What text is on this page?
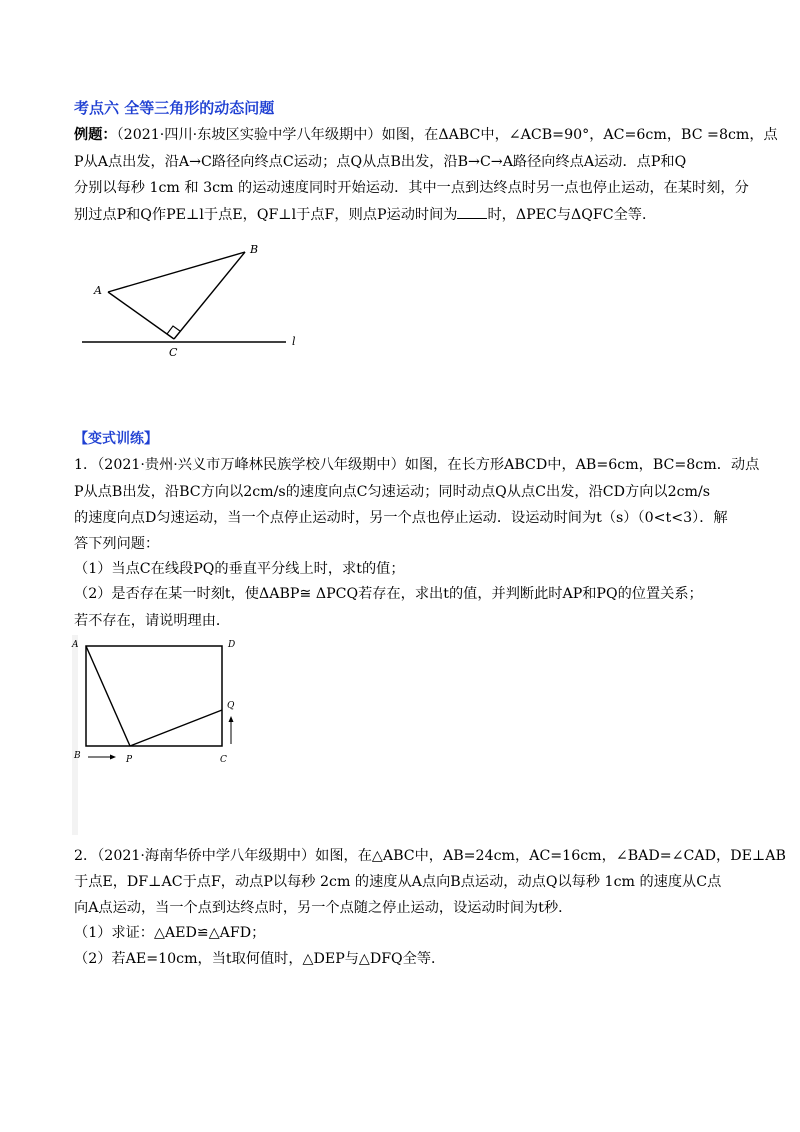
考点六 全等三角形的动态问题
例题：（2021·四川·东坡区实验中学八年级期中）如图，在ΔABC中，∠ACB=90°，AC=6cm，BC =8cm，点
P从A点出发，沿A→C路径向终点C运动；点Q从点B出发，沿B→C→A路径向终点A运动．点P和Q
分别以每秒 1cm 和 3cm 的运动速度同时开始运动．其中一点到达终点时另一点也停止运动，在某时刻，分
别过点P和Q作PE⊥l于点E，QF⊥l于点F，则点P运动时间为 时，ΔPEC与ΔQFC全等．
A
B
C
l
【变式训练】
1．（2021·贵州·兴义市万峰林民族学校八年级期中）如图，在长方形ABCD中，AB=6cm，BC=8cm．动点
P从点B出发，沿BC方向以2cm/s的速度向点C匀速运动；同时动点Q从点C出发，沿CD方向以2cm/s
的速度向点D匀速运动，当一个点停止运动时，另一个点也停止运动．设运动时间为t（s）（0<t<3）．解
答下列问题：
（1）当点C在线段PQ的垂直平分线上时，求t的值；
（2）是否存在某一时刻t，使ΔABP≅ ΔPCQ若存在，求出t的值，并判断此时AP和PQ的位置关系；
若不存在，请说明理由．
A	D
Q
B	P	C
2．（2021·海南华侨中学八年级期中）如图，在△ABC中，AB=24cm，AC=16cm，∠BAD=∠CAD，DE⊥AB
于点E，DF⊥AC于点F，动点P以每秒 2cm 的速度从A点向B点运动，动点Q以每秒 1cm 的速度从C点
向A点运动，当一个点到达终点时，另一个点随之停止运动，设运动时间为t秒．
（1）求证：△AED≌△AFD；
（2）若AE=10cm，当t取何值时，△DEP与△DFQ全等．
